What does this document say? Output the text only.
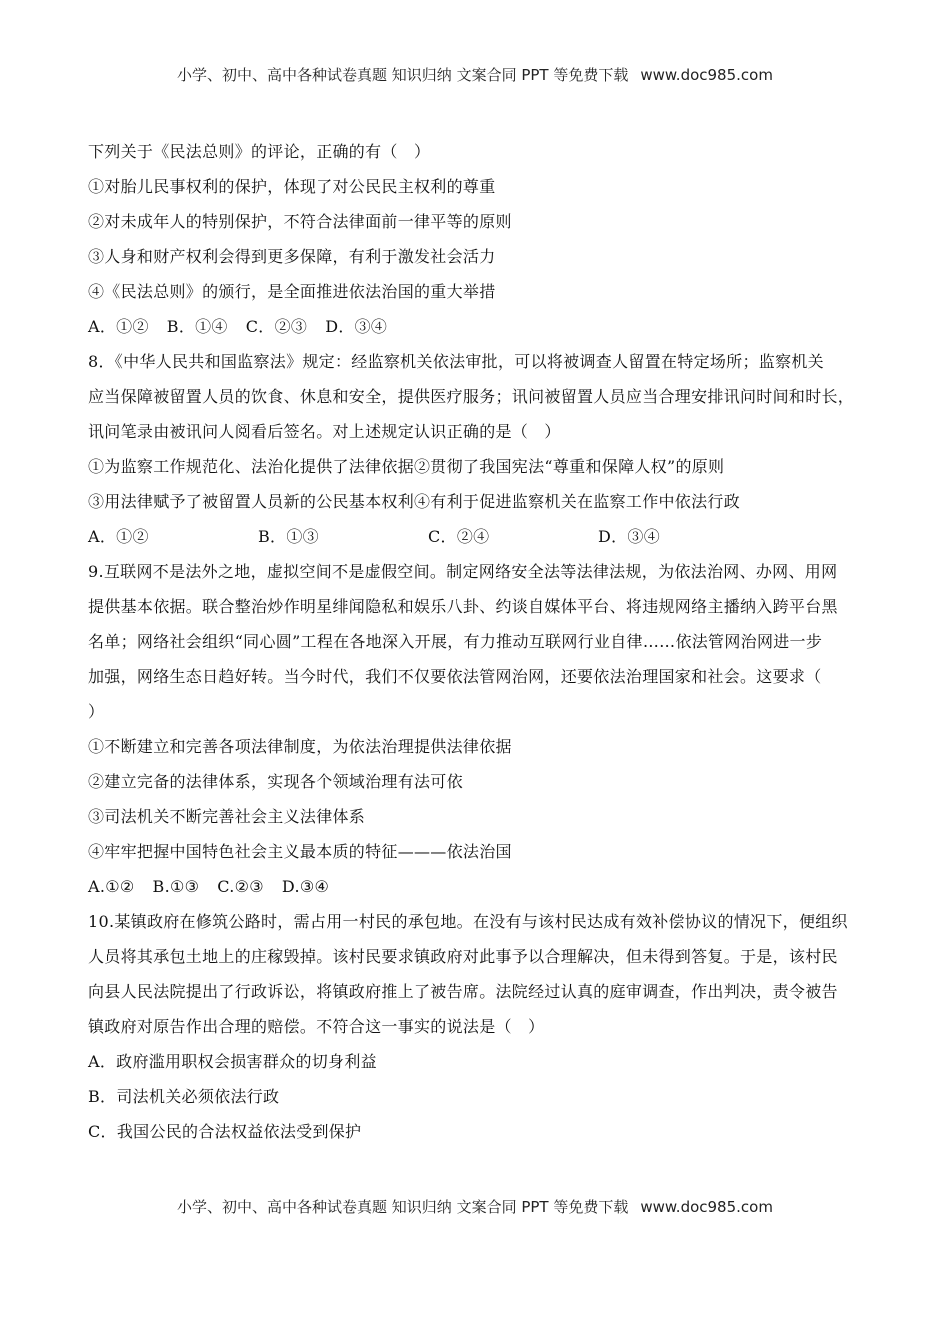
小学、初中、高中各种试卷真题 知识归纳 文案合同 PPT 等免费下载 www.doc985.com
下列关于《民法总则》的评论，正确的有（　）
①对胎儿民事权利的保护，体现了对公民民主权利的尊重
②对未成年人的特别保护，不符合法律面前一律平等的原则
③人身和财产权利会得到更多保障，有利于激发社会活力
④《民法总则》的颁行，是全面推进依法治国的重大举措
A．①② B．①④ C．②③ D．③④
8．《中华人民共和国监察法》规定：经监察机关依法审批，可以将被调查人留置在特定场所；监察机关
应当保障被留置人员的饮食、休息和安全，提供医疗服务；讯问被留置人员应当合理安排讯问时间和时长，
讯问笔录由被讯问人阅看后签名。对上述规定认识正确的是（　）
①为监察工作规范化、法治化提供了法律依据②贯彻了我国宪法“尊重和保障人权”的原则
③用法律赋予了被留置人员新的公民基本权利④有利于促进监察机关在监察工作中依法行政
A．①②	B．①③	C．②④	D．③④
9.互联网不是法外之地，虚拟空间不是虚假空间。制定网络安全法等法律法规，为依法治网、办网、用网
提供基本依据。联合整治炒作明星绯闻隐私和娱乐八卦、约谈自媒体平台、将违规网络主播纳入跨平台黑
名单；网络社会组织“同心圆”工程在各地深入开展，有力推动互联网行业自律……依法管网治网进一步
加强，网络生态日趋好转。当今时代，我们不仅要依法管网治网，还要依法治理国家和社会。这要求（
）
①不断建立和完善各项法律制度，为依法治理提供法律依据
②建立完备的法律体系，实现各个领域治理有法可依
③司法机关不断完善社会主义法律体系
④牢牢把握中国特色社会主义最本质的特征———依法治国
A.①② B.①③ C.②③ D.③④
10.某镇政府在修筑公路时，需占用一村民的承包地。在没有与该村民达成有效补偿协议的情况下，便组织
人员将其承包土地上的庄稼毁掉。该村民要求镇政府对此事予以合理解决，但未得到答复。于是，该村民
向县人民法院提出了行政诉讼，将镇政府推上了被告席。法院经过认真的庭审调查，作出判决，责令被告
镇政府对原告作出合理的赔偿。不符合这一事实的说法是（　）
A．政府滥用职权会损害群众的切身利益
B．司法机关必须依法行政
C．我国公民的合法权益依法受到保护
小学、初中、高中各种试卷真题 知识归纳 文案合同 PPT 等免费下载 www.doc985.com
